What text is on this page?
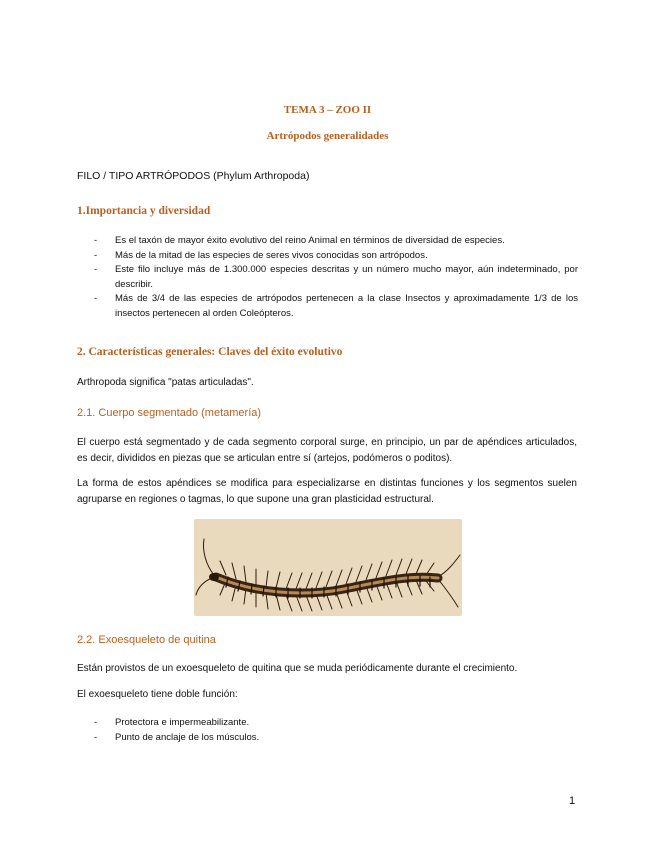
TEMA 3 – ZOO II
Artrópodos generalidades
FILO / TIPO ARTRÓPODOS (Phylum Arthropoda)
1.Importancia y diversidad
- Es el taxón de mayor éxito evolutivo del reino Animal en términos de diversidad de especies.
- Más de la mitad de las especies de seres vivos conocidas son artrópodos.
- Este filo incluye más de 1.300.000 especies descritas y un número mucho mayor, aún indeterminado, por describir.
- Más de 3/4 de las especies de artrópodos pertenecen a la clase Insectos y aproximadamente 1/3 de los insectos pertenecen al orden Coleópteros.
2. Características generales: Claves del éxito evolutivo
Arthropoda significa "patas articuladas".
2.1. Cuerpo segmentado (metamería)
El cuerpo está segmentado y de cada segmento corporal surge, en principio, un par de apéndices articulados, es decir, divididos en piezas que se articulan entre sí (artejos, podómeros o poditos).
La forma de estos apéndices se modifica para especializarse en distintas funciones y los segmentos suelen agruparse en regiones o tagmas, lo que supone una gran plasticidad estructural.
2.2. Exoesqueleto de quitina
Están provistos de un exoesqueleto de quitina que se muda periódicamente durante el crecimiento.
El exoesqueleto tiene doble función:
- Protectora e impermeabilizante.
- Punto de anclaje de los músculos.
1
